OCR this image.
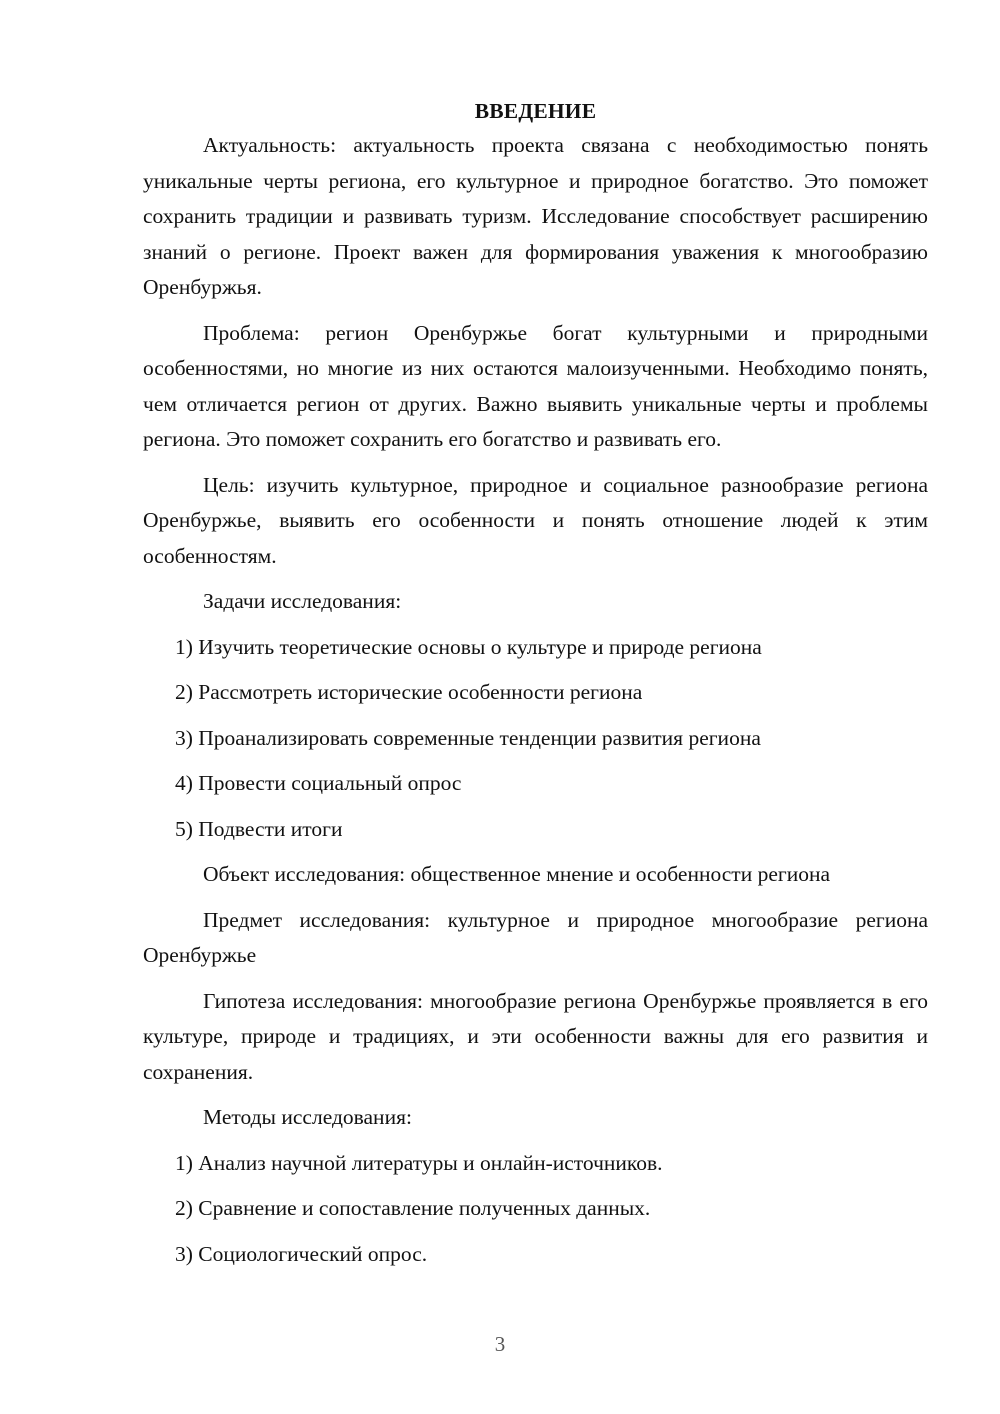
ВВЕДЕНИЕ

Актуальность: актуальность проекта связана с необходимостью понять уникальные черты региона, его культурное и природное богатство. Это поможет сохранить традиции и развивать туризм. Исследование способствует расширению знаний о регионе. Проект важен для формирования уважения к многообразию Оренбуржья.

Проблема: регион Оренбуржье богат культурными и природными особенностями, но многие из них остаются малоизученными. Необходимо понять, чем отличается регион от других. Важно выявить уникальные черты и проблемы региона. Это поможет сохранить его богатство и развивать его.

Цель: изучить культурное, природное и социальное разнообразие региона Оренбуржье, выявить его особенности и понять отношение людей к этим особенностям.

Задачи исследования:
1) Изучить теоретические основы о культуре и природе региона
2) Рассмотреть исторические особенности региона
3) Проанализировать современные тенденции развития региона
4) Провести социальный опрос
5) Подвести итоги
Объект исследования: общественное мнение и особенности региона

Предмет исследования: культурное и природное многообразие региона Оренбуржье

Гипотеза исследования: многообразие региона Оренбуржье проявляется в его культуре, природе и традициях, и эти особенности важны для его развития и сохранения.

Методы исследования:
1) Анализ научной литературы и онлайн-источников.
2) Сравнение и сопоставление полученных данных.
3) Социологический опрос.
3
